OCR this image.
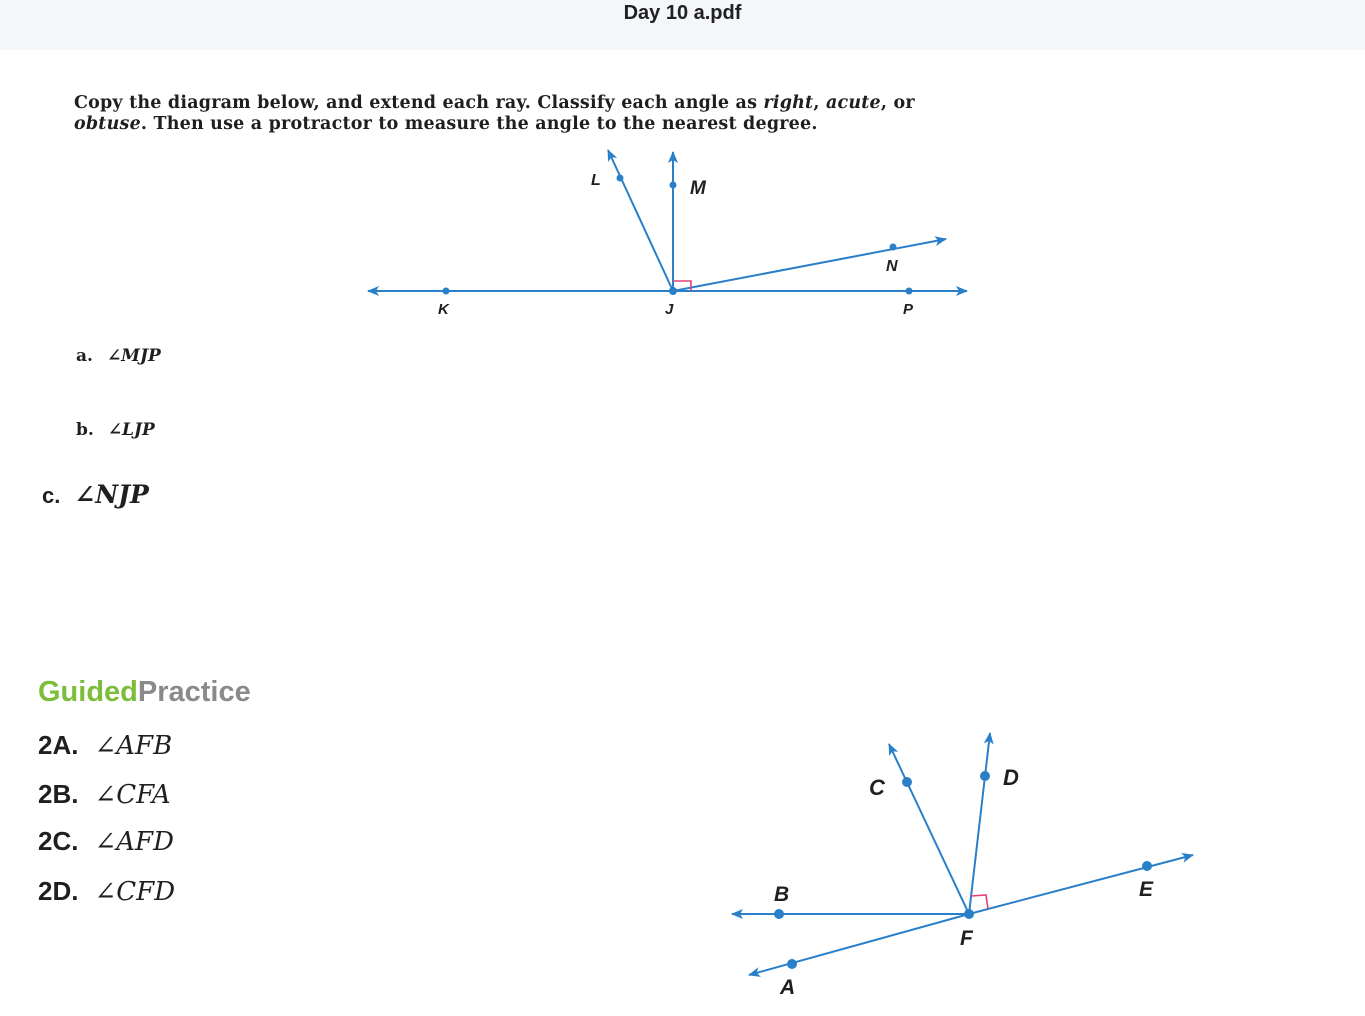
Day 10 a.pdf
Copy the diagram below, and extend each ray. Classify each angle as right, acute, or
obtuse. Then use a protractor to measure the angle to the nearest degree.
L	M
N
K	J	P
C	D
B	E
F
A
a. ∠MJP
b. ∠LJP
c. ∠NJP
GuidedPractice
2A. ∠AFB
2B. ∠CFA
2C. ∠AFD
2D. ∠CFD
